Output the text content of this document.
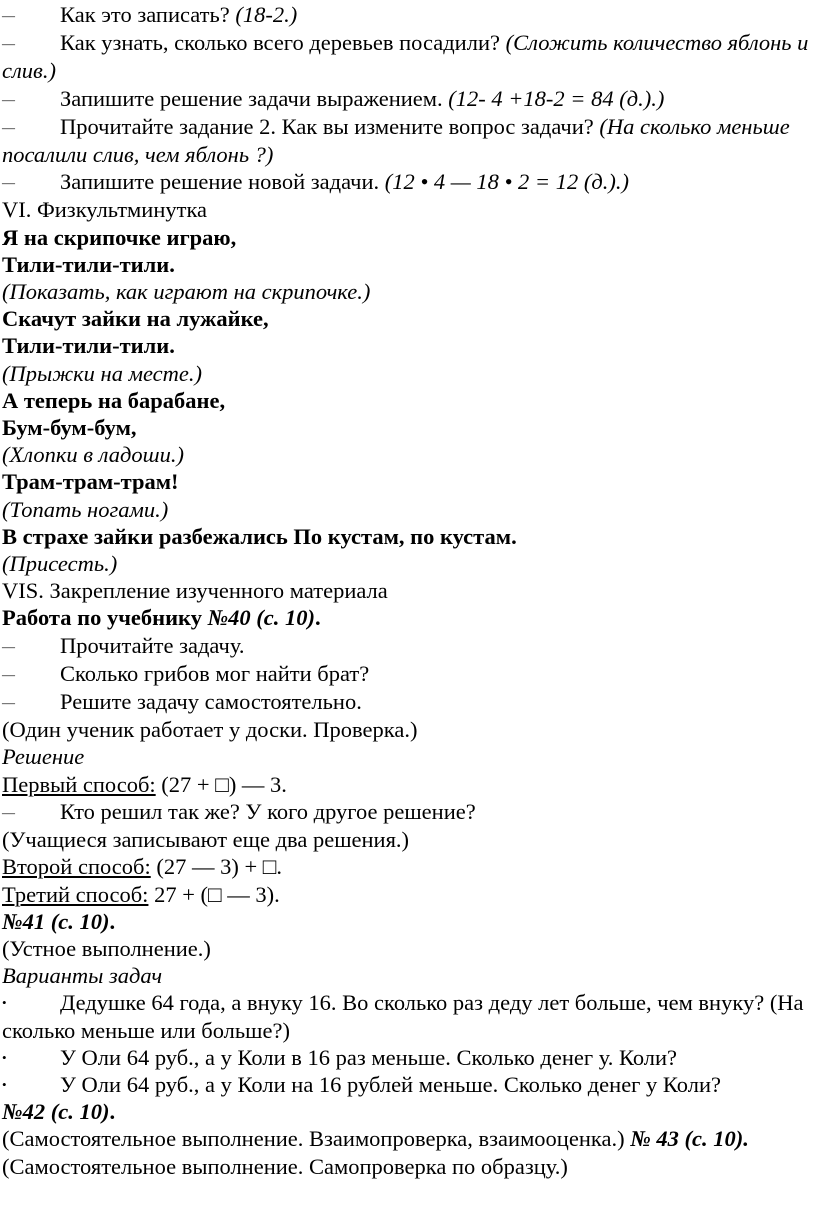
— Как это записать? (18-2.)

— Как узнать, сколько всего деревьев посадили? (Сложить количество яблонь и слив.)

— Запишите решение задачи выражением. (12- 4 +18-2 = 84 (д.).)

— Прочитайте задание 2. Как вы измените вопрос задачи? (На сколько меньше посалили слив, чем яблонь ?)

— Запишите решение новой задачи. (12 • 4 — 18 • 2 = 12 (д.).)

VI. Физкультминутка

Я на скрипочке играю,

Тили-тили-тили.

(Показать, как играют на скрипочке.)

Скачут зайки на лужайке,

Тили-тили-тили.

(Прыжки на месте.)

А теперь на барабане,

Бум-бум-бум,

(Хлопки в ладоши.)

Трам-трам-трам!

(Топать ногами.)

В страхе зайки разбежались По кустам, по кустам.

(Присесть.)

VIS. Закрепление изученного материала

Работа по учебнику №40 (с. 10).

— Прочитайте задачу.

— Сколько грибов мог найти брат?

— Решите задачу самостоятельно.

(Один ученик работает у доски. Проверка.)

Решение

Первый способ: (27 + □) — 3.

— Кто решил так же? У кого другое решение?

(Учащиеся записывают еще два решения.)

Второй способ: (27 — 3) + □.

Третий способ: 27 + (□ — 3).

№41 (с. 10).

(Устное выполнение.)

Варианты задач

• Дедушке 64 года, а внуку 16. Во сколько раз деду лет больше, чем внуку? (На сколько меньше или больше?)

• У Оли 64 руб., а у Коли в 16 раз меньше. Сколько денег у. Коли?

• У Оли 64 руб., а у Коли на 16 рублей меньше. Сколько денег у Коли?

№42 (с. 10).

(Самостоятельное выполнение. Взаимопроверка, взаимооценка.) № 43 (с. 10).

(Самостоятельное выполнение. Самопроверка по образцу.)
